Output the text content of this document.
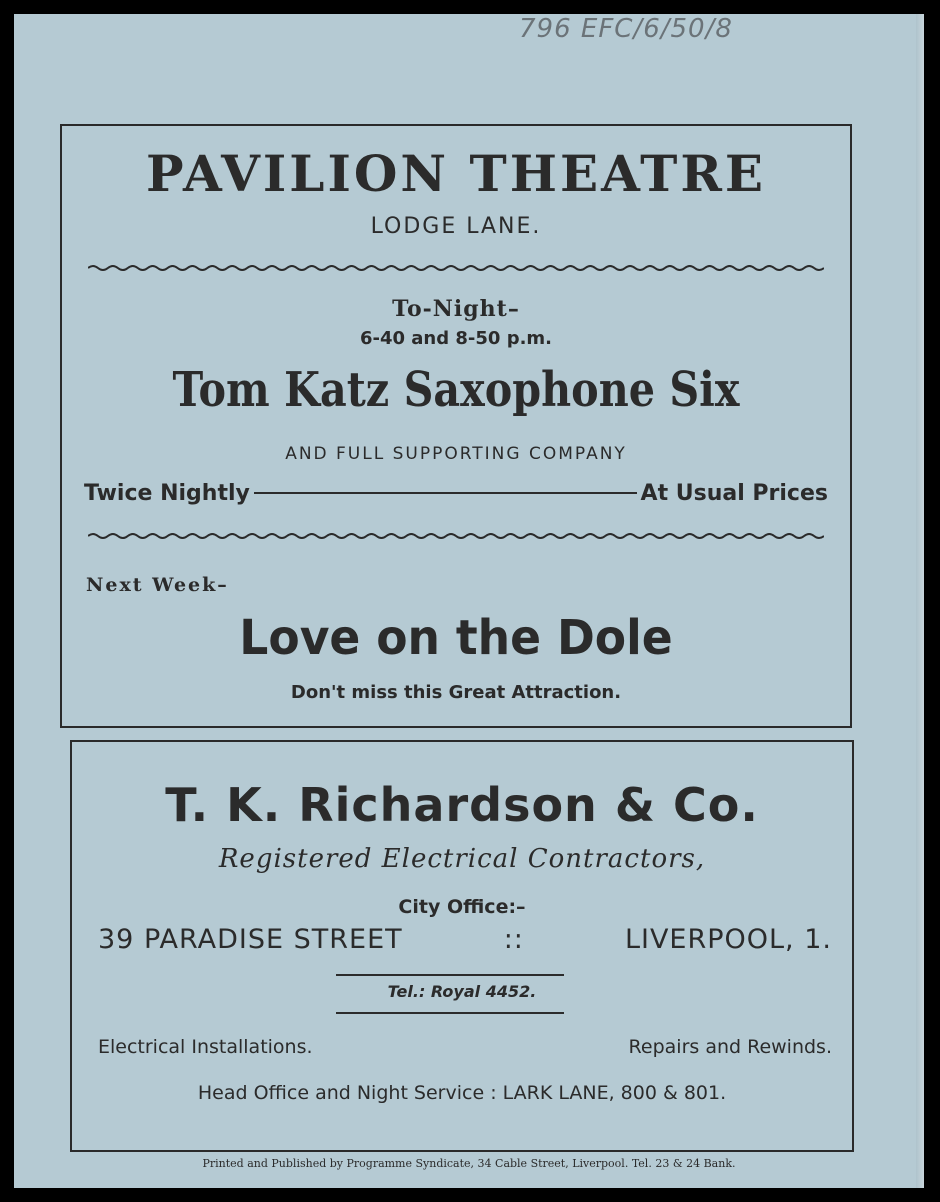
796 EFC/6/50/8
PAVILION THEATRE
LODGE LANE.
To-Night–
6-40 and 8-50 p.m.
Tom Katz Saxophone Six
AND FULL SUPPORTING COMPANY
Twice Nightly	At Usual Prices
Next Week–
Love on the Dole
Don't miss this Great Attraction.
T. K. Richardson & Co.
Registered Electrical Contractors,
City Office:–
39 PARADISE STREET	::	LIVERPOOL, 1.
Tel.: Royal 4452.
Electrical Installations.	Repairs and Rewinds.
Head Office and Night Service : LARK LANE, 800 & 801.
Printed and Published by Programme Syndicate, 34 Cable Street, Liverpool. Tel. 23 & 24 Bank.
